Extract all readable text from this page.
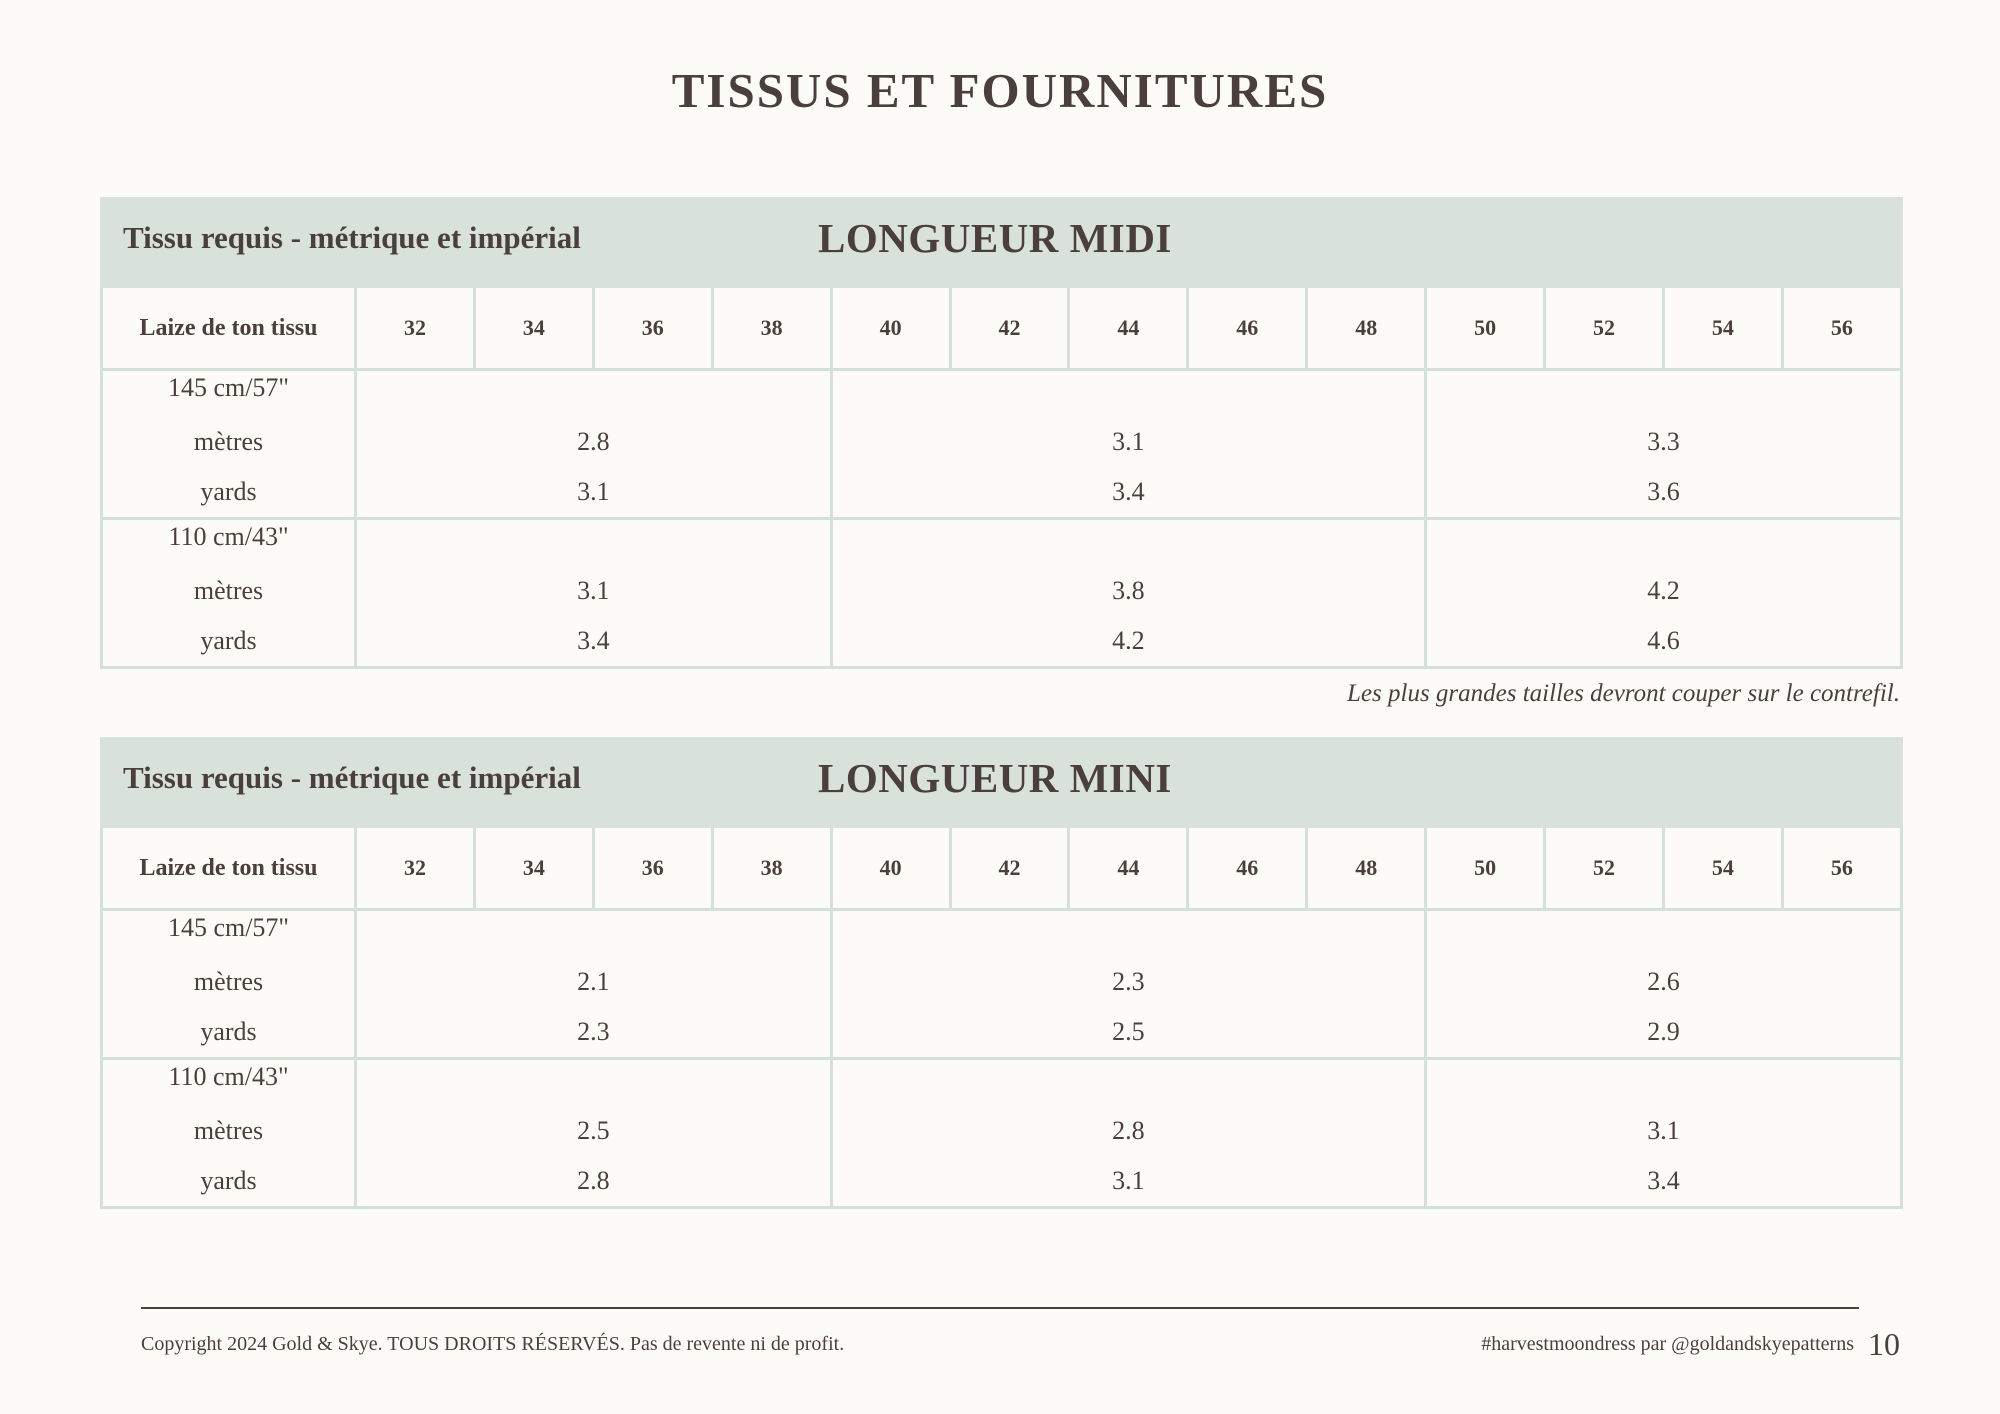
TISSUS ET FOURNITURES
Tissu requis - métrique et impérial LONGUEUR MIDI													

Laize de ton tissu	32	34	36	38	40	42	44	46	48	50	52	54	56
145 cm/57"													
mètres	2.8				3.1					3.3			
yards	3.1				3.4					3.6			
110 cm/43"													
mètres	3.1				3.8					4.2			
yards	3.4				4.2					4.6			
Les plus grandes tailles devront couper sur le contrefil.
Tissu requis - métrique et impérial LONGUEUR MINI													

Laize de ton tissu	32	34	36	38	40	42	44	46	48	50	52	54	56
145 cm/57"													
mètres	2.1				2.3					2.6			
yards	2.3				2.5					2.9			
110 cm/43"													
mètres	2.5				2.8					3.1			
yards	2.8				3.1					3.4			
Copyright 2024 Gold & Skye. TOUS DROITS RÉSERVÉS. Pas de revente ni de profit.	#harvestmoondress par @goldandskyepatterns 10
